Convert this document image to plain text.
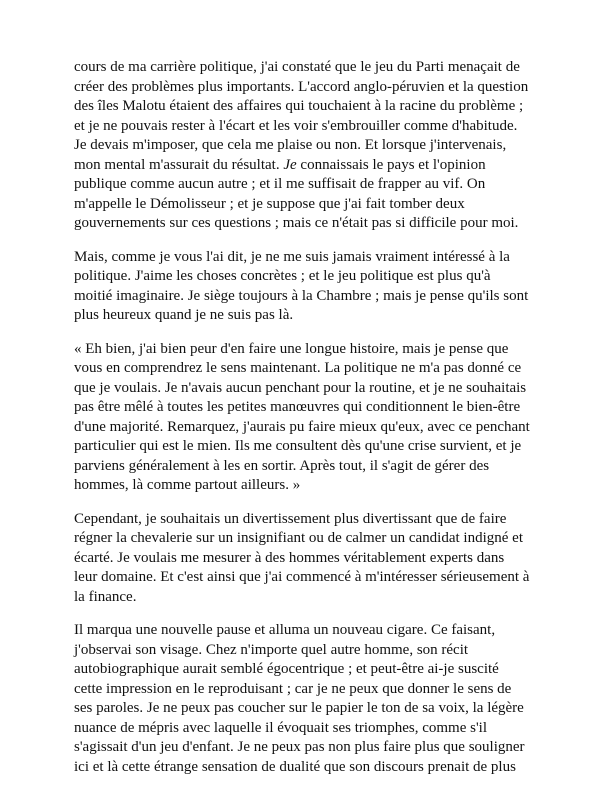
cours de ma carrière politique, j'ai constaté que le jeu du Parti menaçait de créer des problèmes plus importants. L'accord anglo-péruvien et la question des îles Malotu étaient des affaires qui touchaient à la racine du problème ; et je ne pouvais rester à l'écart et les voir s'embrouiller comme d'habitude. Je devais m'imposer, que cela me plaise ou non. Et lorsque j'intervenais, mon mental m'assurait du résultat. Je connaissais le pays et l'opinion publique comme aucun autre ; et il me suffisait de frapper au vif. On m'appelle le Démolisseur ; et je suppose que j'ai fait tomber deux gouvernements sur ces questions ; mais ce n'était pas si difficile pour moi.

Mais, comme je vous l'ai dit, je ne me suis jamais vraiment intéressé à la politique. J'aime les choses concrètes ; et le jeu politique est plus qu'à moitié imaginaire. Je siège toujours à la Chambre ; mais je pense qu'ils sont plus heureux quand je ne suis pas là.

« Eh bien, j'ai bien peur d'en faire une longue histoire, mais je pense que vous en comprendrez le sens maintenant. La politique ne m'a pas donné ce que je voulais. Je n'avais aucun penchant pour la routine, et je ne souhaitais pas être mêlé à toutes les petites manœuvres qui conditionnent le bien-être d'une majorité. Remarquez, j'aurais pu faire mieux qu'eux, avec ce penchant particulier qui est le mien. Ils me consultent dès qu'une crise survient, et je parviens généralement à les en sortir. Après tout, il s'agit de gérer des hommes, là comme partout ailleurs. »

Cependant, je souhaitais un divertissement plus divertissant que de faire régner la chevalerie sur un insignifiant ou de calmer un candidat indigné et écarté. Je voulais me mesurer à des hommes véritablement experts dans leur domaine. Et c'est ainsi que j'ai commencé à m'intéresser sérieusement à la finance.

Il marqua une nouvelle pause et alluma un nouveau cigare. Ce faisant, j'observai son visage. Chez n'importe quel autre homme, son récit autobiographique aurait semblé égocentrique ; et peut-être ai-je suscité cette impression en le reproduisant ; car je ne peux que donner le sens de ses paroles. Je ne peux pas coucher sur le papier le ton de sa voix, la légère nuance de mépris avec laquelle il évoquait ses triomphes, comme s'il s'agissait d'un jeu d'enfant. Je ne peux pas non plus faire plus que souligner ici et là cette étrange sensation de dualité que son discours prenait de plus
